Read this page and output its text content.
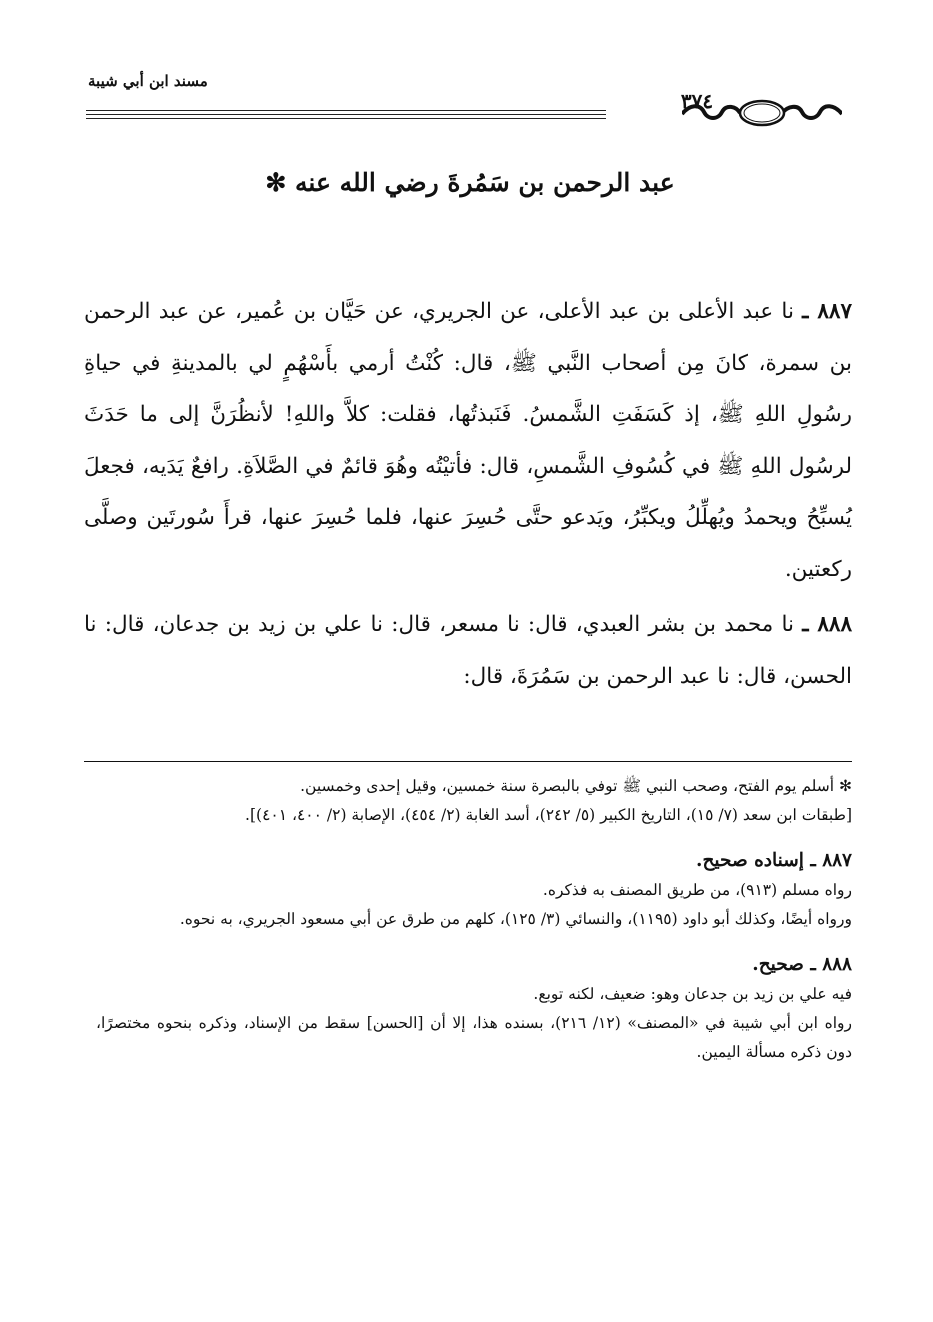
مسند ابن أبي شيبة
٣٧٤
عبد الرحمن بن سَمُرةَ رضي الله عنه ✻

٨٨٧ ـ نا عبد الأعلى بن عبد الأعلى، عن الجريري، عن حَيَّان بن عُمير، عن عبد الرحمن بن سمرة، كانَ مِن أصحاب النَّبي ﷺ، قال: كُنْتُ أرمي بأَسْهُمٍ لي بالمدينةِ في حياةِ رسُولِ اللهِ ﷺ، إذ كَسَفَتِ الشَّمسُ. فَنَبذتُها، فقلت: كلاَّ واللهِ! لأنظُرَنَّ إلى ما حَدَثَ لرسُول اللهِ ﷺ في كُسُوفِ الشَّمسِ، قال: فأتيْتُه وهُوَ قائمٌ في الصَّلاَةِ. رافعٌ يَدَيه، فجعلَ يُسبِّحُ ويحمدُ ويُهلِّلُ ويكبِّرُ، ويَدعو حتَّى حُسِرَ عنها، فلما حُسِرَ عنها، قرأَ سُورتَين وصلَّى ركعتين.

٨٨٨ ـ نا محمد بن بشر العبدي، قال: نا مسعر، قال: نا علي بن زيد بن جدعان، قال: نا الحسن، قال: نا عبد الرحمن بن سَمُرَةَ، قال:

✻ أسلم يوم الفتح، وصحب النبي ﷺ توفي بالبصرة سنة خمسين، وقيل إحدى وخمسين.

[طبقات ابن سعد (٧/ ١٥)، التاريخ الكبير (٥/ ٢٤٢)، أسد الغابة (٢/ ٤٥٤)، الإصابة (٢/ ٤٠٠، ٤٠١)].

٨٨٧ ـ إسناده صحيح.

رواه مسلم (٩١٣)، من طريق المصنف به فذكره.

ورواه أيضًا، وكذلك أبو داود (١١٩٥)، والنسائي (٣/ ١٢٥)، كلهم من طرق عن أبي مسعود الجريري، به نحوه.

٨٨٨ ـ صحيح.

فيه علي بن زيد بن جدعان وهو: ضعيف، لكنه توبع.

رواه ابن أبي شيبة في «المصنف» (١٢/ ٢١٦)، بسنده هذا، إلا أن [الحسن] سقط من الإسناد، وذكره بنحوه مختصرًا، دون ذكره مسألة اليمين.
